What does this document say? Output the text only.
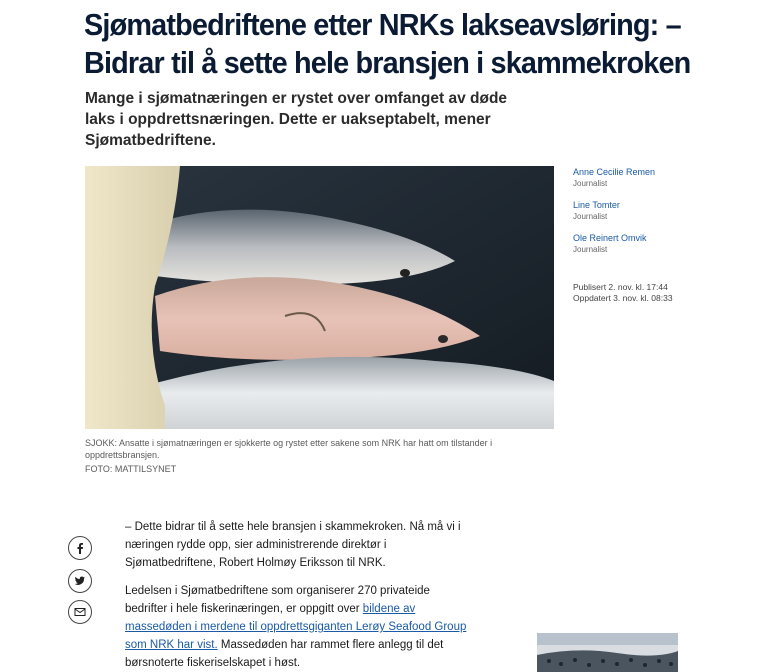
Sjømatbedriftene etter NRKs lakseavsløring: – Bidrar til å sette hele bransjen i skammekroken

Mange i sjømatnæringen er rystet over omfanget av døde laks i oppdrettsnæringen. Dette er uakseptabelt, mener Sjømatbedriftene.

Anne Cecilie Remen
Journalist
Line Tomter
Journalist
Ole Reinert Omvik
Journalist
Publisert 2. nov. kl. 17:44
Oppdatert 3. nov. kl. 08:33

SJOKK: Ansatte i sjømatnæringen er sjokkerte og rystet etter sakene som NRK har hatt om tilstander i oppdrettsbransjen.

FOTO: MATTILSYNET

– Dette bidrar til å sette hele bransjen i skammekroken. Nå må vi i næringen rydde opp, sier administrerende direktør i Sjømatbedriftene, Robert Holmøy Eriksson til NRK.

Ledelsen i Sjømatbedriftene som organiserer 270 privateide bedrifter i hele fiskerinæringen, er oppgitt over bildene av massedøden i merdene til oppdrettsgiganten Lerøy Seafood Group som NRK har vist. Massedøden har rammet flere anlegg til det børsnoterte fiskeriselskapet i høst.
